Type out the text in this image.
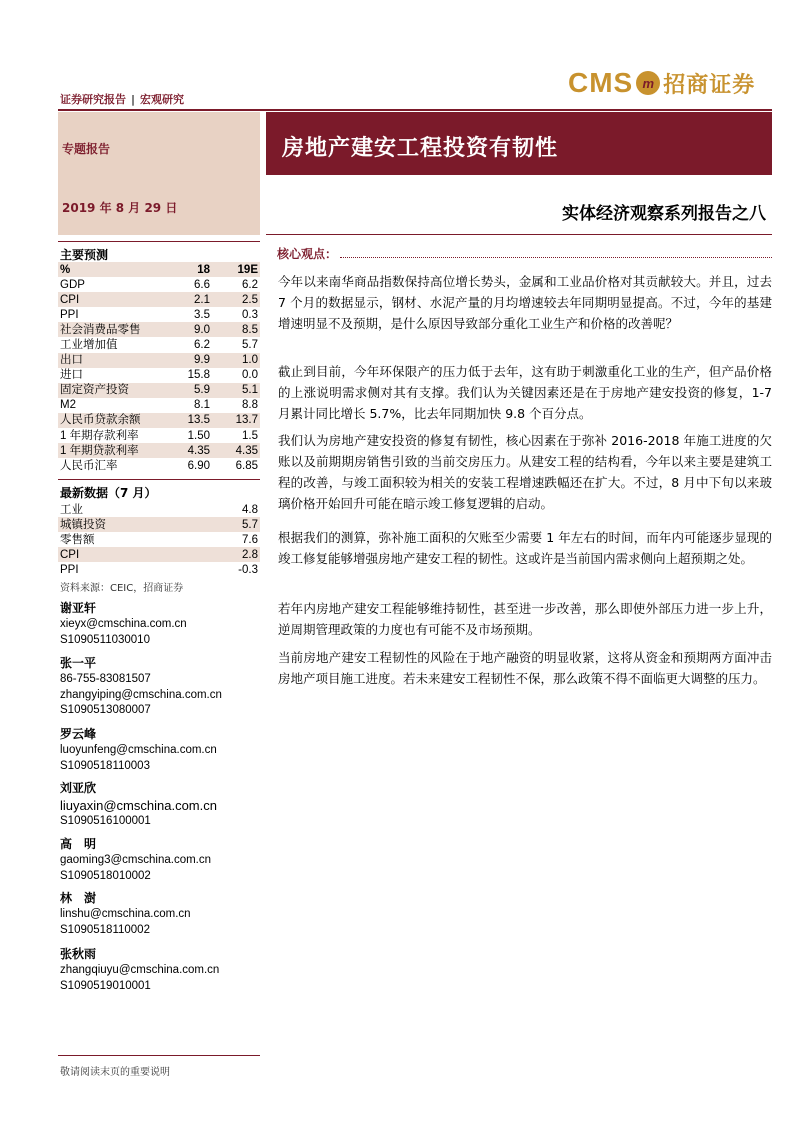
证券研究报告 | 宏观研究
CMS m 招商证券
房地产建安工程投资有韧性
专题报告
2019 年 8 月 29 日	实体经济观察系列报告之八
主要预测
%	18	19E
GDP	6.6	6.2
CPI	2.1	2.5
PPI	3.5	0.3
社会消费品零售	9.0	8.5
工业增加值	6.2	5.7
出口	9.9	1.0
进口	15.8	0.0
固定资产投资	5.9	5.1
M2	8.1	8.8
人民币贷款余额	13.5	13.7
1 年期存款利率	1.50	1.5
1 年期贷款利率	4.35	4.35
人民币汇率	6.90	6.85
最新数据（7 月）
工业	4.8
城镇投资	5.7
零售额	7.6
CPI	2.8
PPI	-0.3
资料来源：CEIC，招商证券
谢亚轩
xieyx@cmschina.com.cn
S1090511030010
张一平
86-755-83081507
zhangyiping@cmschina.com.cn
S1090513080007
罗云峰
luoyunfeng@cmschina.com.cn
S1090518110003
刘亚欣
liuyaxin@cmschina.com.cn
S1090516100001
高　明
gaoming3@cmschina.com.cn
S1090518010002
林　澍
linshu@cmschina.com.cn
S1090518110002
张秋雨
zhangqiuyu@cmschina.com.cn
S1090519010001
敬请阅读末页的重要说明
核心观点：
今年以来南华商品指数保持高位增长势头，金属和工业品价格对其贡献较大。并且，过去 7 个月的数据显示，钢材、水泥产量的月均增速较去年同期明显提高。不过，今年的基建增速明显不及预期，是什么原因导致部分重化工业生产和价格的改善呢？
截止到目前，今年环保限产的压力低于去年，这有助于刺激重化工业的生产，但产品价格的上涨说明需求侧对其有支撑。我们认为关键因素还是在于房地产建安投资的修复，1-7 月累计同比增长 5.7%，比去年同期加快 9.8 个百分点。
我们认为房地产建安投资的修复有韧性，核心因素在于弥补 2016-2018 年施工进度的欠账以及前期期房销售引致的当前交房压力。从建安工程的结构看，今年以来主要是建筑工程的改善，与竣工面积较为相关的安装工程增速跌幅还在扩大。不过，8 月中下旬以来玻璃价格开始回升可能在暗示竣工修复逻辑的启动。
根据我们的测算，弥补施工面积的欠账至少需要 1 年左右的时间，而年内可能逐步显现的竣工修复能够增强房地产建安工程的韧性。这或许是当前国内需求侧向上超预期之处。
若年内房地产建安工程能够维持韧性，甚至进一步改善，那么即使外部压力进一步上升，逆周期管理政策的力度也有可能不及市场预期。
当前房地产建安工程韧性的风险在于地产融资的明显收紧，这将从资金和预期两方面冲击房地产项目施工进度。若未来建安工程韧性不保，那么政策不得不面临更大调整的压力。
